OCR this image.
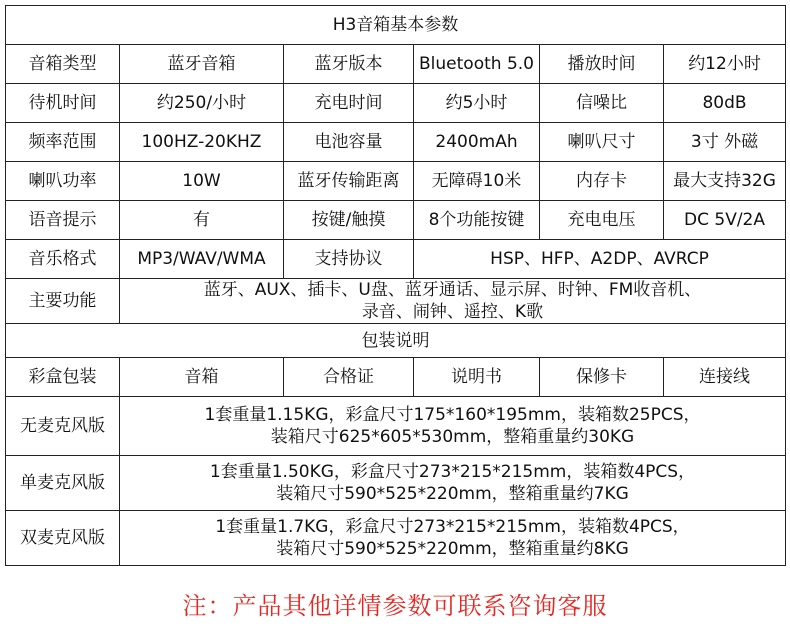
H3音箱基本参数					
音箱类型	蓝牙音箱	蓝牙版本	Bluetooth 5.0	播放时间	约12小时
待机时间	约250/小时	充电时间	约5小时	信噪比	80dB
频率范围	100HZ-20KHZ	电池容量	2400mAh	喇叭尺寸	3寸 外磁
喇叭功率	10W	蓝牙传输距离	无障碍10米	内存卡	最大支持32G
语音提示	有	按键/触摸	8个功能按键	充电电压	DC 5V/2A
音乐格式	MP3/WAV/WMA	支持协议	HSP、HFP、A2DP、AVRCP		
主要功能	蓝牙、AUX、插卡、U盘、蓝牙通话、显示屏、时钟、FM收音机、
录音、闹钟、遥控、K歌				

包装说明					
彩盒包装	音箱	合格证	说明书	保修卡	连接线
无麦克风版	1套重量1.15KG，彩盒尺寸175*160*195mm，装箱数25PCS，
装箱尺寸625*605*530mm，整箱重量约30KG				

单麦克风版	1套重量1.50KG，彩盒尺寸273*215*215mm，装箱数4PCS，
装箱尺寸590*525*220mm，整箱重量约7KG				

双麦克风版	1套重量1.7KG，彩盒尺寸273*215*215mm，装箱数4PCS，
装箱尺寸590*525*220mm，整箱重量约8KG				
注：产品其他详情参数可联系咨询客服
